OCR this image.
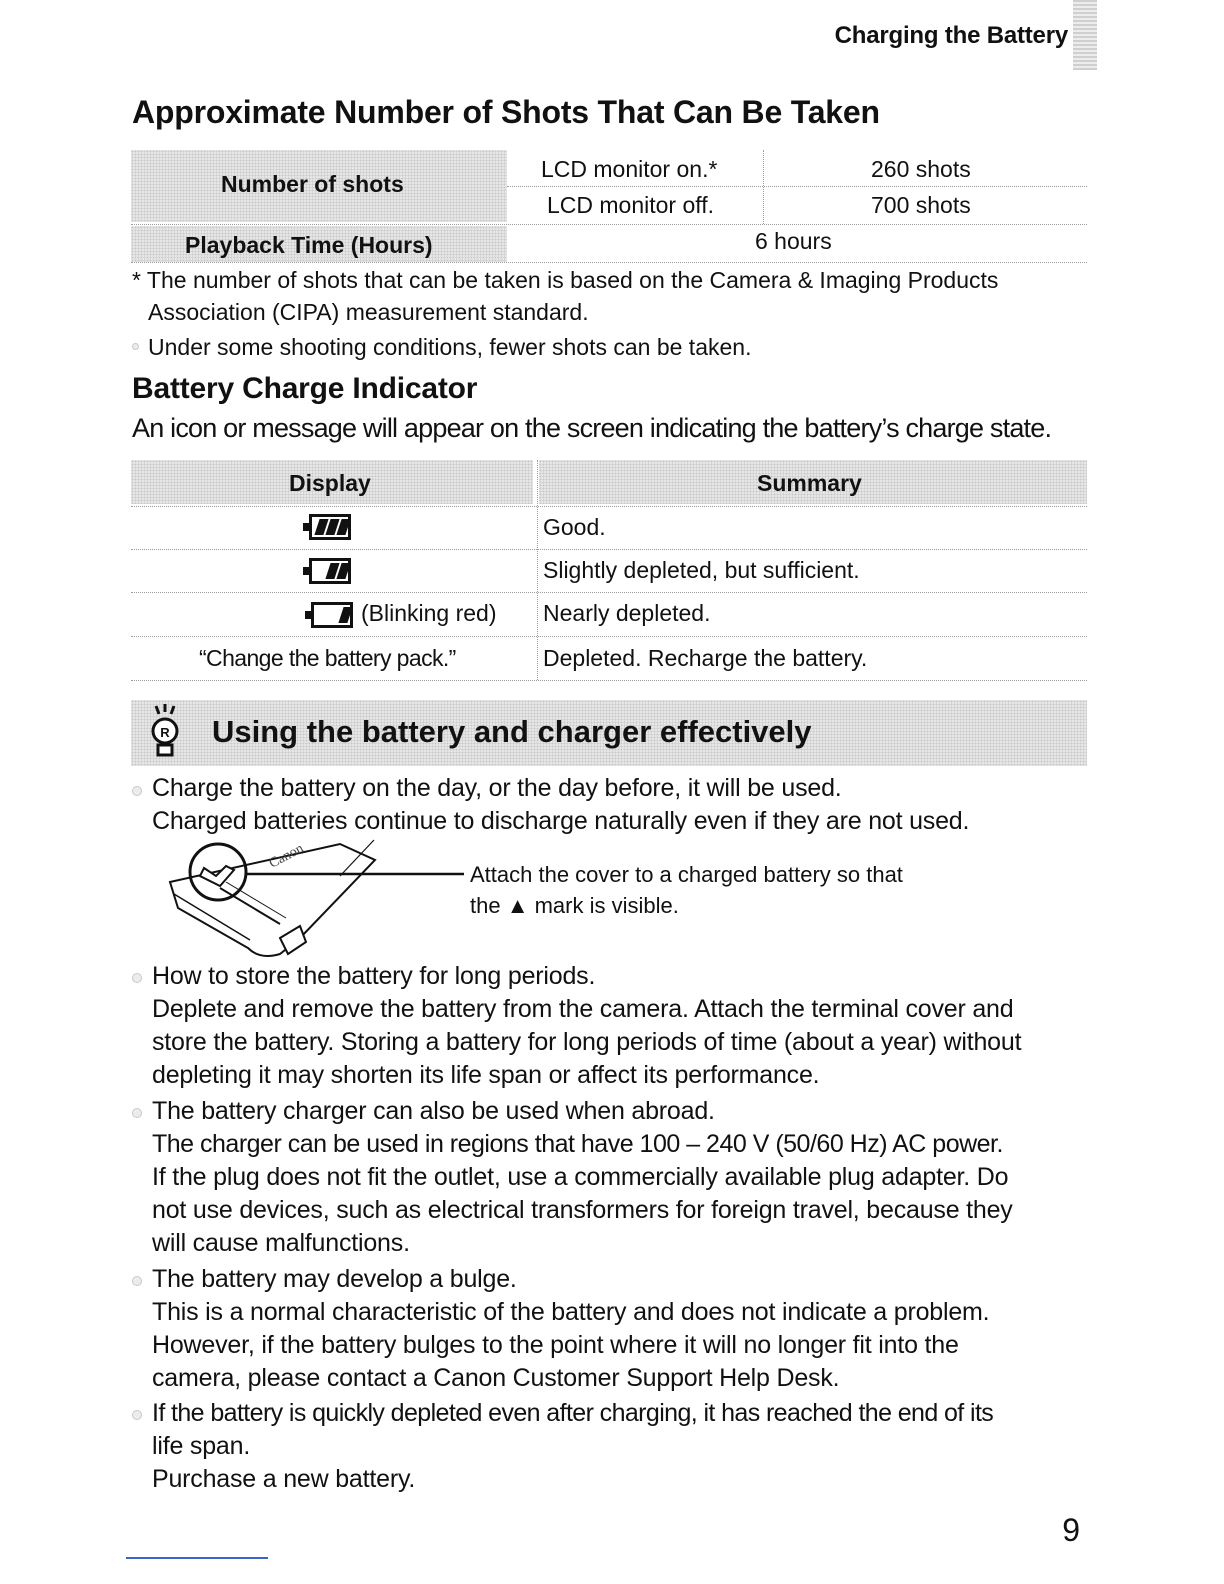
Charging the Battery
Approximate Number of Shots That Can Be Taken
Number of shots
LCD monitor on.*	260 shots
LCD monitor off.	700 shots
Playback Time (Hours)	6 hours
* The number of shots that can be taken is based on the Camera & Imaging Products
Association (CIPA) measurement standard.
Under some shooting conditions, fewer shots can be taken.
Battery Charge Indicator
An icon or message will appear on the screen indicating the battery’s charge state.
Display	Summary
Good.
Slightly depleted, but sufficient.
(Blinking red) Nearly depleted.
“Change the battery pack.”	Depleted. Recharge the battery.
R Using the battery and charger effectively
Charge the battery on the day, or the day before, it will be used.
Charged batteries continue to discharge naturally even if they are not used.
Canon
Attach the cover to a charged battery so that
the ▲ mark is visible.
How to store the battery for long periods.
Deplete and remove the battery from the camera. Attach the terminal cover and
store the battery. Storing a battery for long periods of time (about a year) without
depleting it may shorten its life span or affect its performance.
The battery charger can also be used when abroad.
The charger can be used in regions that have 100 – 240 V (50/60 Hz) AC power.
If the plug does not fit the outlet, use a commercially available plug adapter. Do
not use devices, such as electrical transformers for foreign travel, because they
will cause malfunctions.
The battery may develop a bulge.
This is a normal characteristic of the battery and does not indicate a problem.
However, if the battery bulges to the point where it will no longer fit into the
camera, please contact a Canon Customer Support Help Desk.
If the battery is quickly depleted even after charging, it has reached the end of its
life span.
Purchase a new battery.
9
